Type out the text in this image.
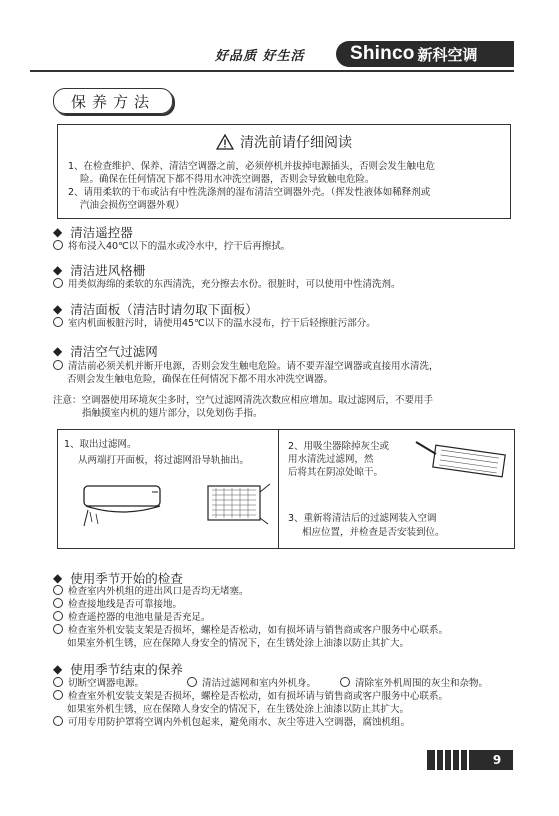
好品质 好生活 Shinco 新科空调
保养方法
清洗前请仔细阅读
1、在检查维护、保养、清洁空调器之前，必须停机并拔掉电源插头，否则会发生触电危
险。确保在任何情况下都不得用水冲洗空调器，否则会导致触电危险。
2、请用柔软的干布或沾有中性洗涤剂的湿布清洁空调器外壳。（挥发性液体如稀释剂或
汽油会损伤空调器外观）
◆ 清洁遥控器
将布浸入40℃以下的温水或冷水中，拧干后再擦拭。
◆ 清洁进风格栅
用类似海绵的柔软的东西清洗，充分擦去水份。很脏时，可以使用中性清洗剂。
◆ 清洁面板（清洁时请勿取下面板）
室内机面板脏污时，请使用45℃以下的温水浸布，拧干后轻擦脏污部分。
◆ 清洁空气过滤网
清洁前必须关机并断开电源，否则会发生触电危险。请不要弄湿空调器或直接用水清洗，
否则会发生触电危险，确保在任何情况下都不用水冲洗空调器。
注意：空调器使用环境灰尘多时，空气过滤网清洗次数应相应增加。取过滤网后，不要用手
指触摸室内机的翅片部分，以免划伤手指。
1、取出过滤网。
从两端打开面板，将过滤网沿导轨抽出。
2、用吸尘器除掉灰尘或
用水清洗过滤网，然
后将其在阴凉处晾干。
3、重新将清洁后的过滤网装入空调
相应位置，并检查是否安装到位。
◆ 使用季节开始的检查
检查室内外机组的进出风口是否均无堵塞。
检查接地线是否可靠接地。
检查遥控器的电池电量是否充足。
检查室外机安装支架是否损坏，螺栓是否松动，如有损坏请与销售商或客户服务中心联系。
如果室外机生锈，应在保障人身安全的情况下，在生锈处涂上油漆以防止其扩大。
◆ 使用季节结束的保养
切断空调器电源。	清洁过滤网和室内外机身。	清除室外机周围的灰尘和杂物。
检查室外机安装支架是否损坏，螺栓是否松动，如有损坏请与销售商或客户服务中心联系。
如果室外机生锈，应在保障人身安全的情况下，在生锈处涂上油漆以防止其扩大。
可用专用防护罩将空调内外机包起来，避免雨水、灰尘等进入空调器，腐蚀机组。
9
